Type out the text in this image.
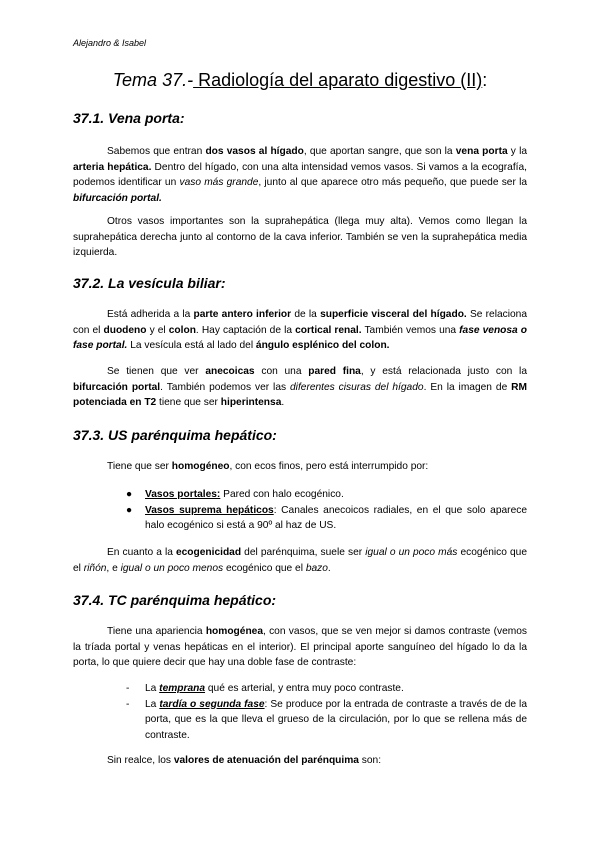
Alejandro & Isabel
Tema 37.- Radiología del aparato digestivo (II):
37.1. Vena porta:

Sabemos que entran dos vasos al hígado, que aportan sangre, que son la vena porta y la arteria hepática. Dentro del hígado, con una alta intensidad vemos vasos. Si vamos a la ecografía, podemos identificar un vaso más grande, junto al que aparece otro más pequeño, que puede ser la bifurcación portal.

Otros vasos importantes son la suprahepática (llega muy alta). Vemos como llegan la suprahepática derecha junto al contorno de la cava inferior. También se ven la suprahepática media izquierda.

37.2. La vesícula biliar:

Está adherida a la parte antero inferior de la superficie visceral del hígado. Se relaciona con el duodeno y el colon. Hay captación de la cortical renal. También vemos una fase venosa o fase portal. La vesícula está al lado del ángulo esplénico del colon.

Se tienen que ver anecoicas con una pared fina, y está relacionada justo con la bifurcación portal. También podemos ver las diferentes cisuras del hígado. En la imagen de RM potenciada en T2 tiene que ser hiperintensa.

37.3. US parénquima hepático:

Tiene que ser homogéneo, con ecos finos, pero está interrumpido por:

● Vasos portales: Pared con halo ecogénico.
● Vasos suprema hepáticos: Canales anecoicos radiales, en el que solo aparece halo ecogénico si está a 90º al haz de US.

En cuanto a la ecogenicidad del parénquima, suele ser igual o un poco más ecogénico que el riñón, e igual o un poco menos ecogénico que el bazo.

37.4. TC parénquima hepático:

Tiene una apariencia homogénea, con vasos, que se ven mejor si damos contraste (vemos la tríada portal y venas hepáticas en el interior). El principal aporte sanguíneo del hígado lo da la porta, lo que quiere decir que hay una doble fase de contraste:

- La temprana qué es arterial, y entra muy poco contraste.
- La tardía o segunda fase: Se produce por la entrada de contraste a través de de la porta, que es la que lleva el grueso de la circulación, por lo que se rellena más de contraste.

Sin realce, los valores de atenuación del parénquima son:
